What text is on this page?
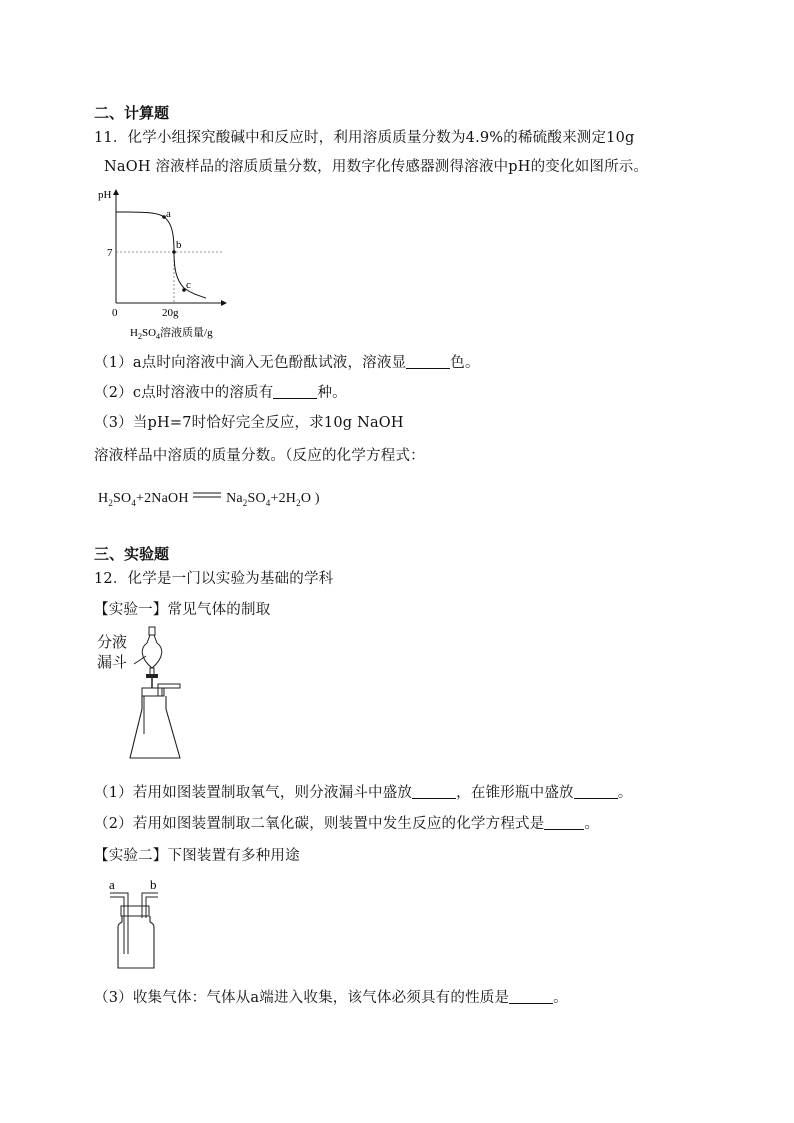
二、计算题
11．化学小组探究酸碱中和反应时，利用溶质质量分数为4.9%的稀硫酸来测定10g
NaOH 溶液样品的溶质质量分数，用数字化传感器测得溶液中pH的变化如图所示。
pH
7
0	20g
a
b
c
$H_2SO_4$溶液质量/g
（1）a点时向溶液中滴入无色酚酞试液，溶液显	色。
（2）c点时溶液中的溶质有	种。
（3）当pH=7时恰好完全反应，求10g NaOH
溶液样品中溶质的质量分数。（反应的化学方程式：
$H_2SO_4+2NaOH$	$Na_2SO_4+2H_2O$ )
三、实验题
12．化学是一门以实验为基础的学科
【实验一】常见气体的制取
分液
漏斗
（1）若用如图装置制取氧气，则分液漏斗中盛放	，在锥形瓶中盛放	。
（2）若用如图装置制取二氧化碳，则装置中发生反应的化学方程式是	。
【实验二】下图装置有多种用途
a	b
（3）收集气体：气体从a端进入收集，该气体必须具有的性质是	。
